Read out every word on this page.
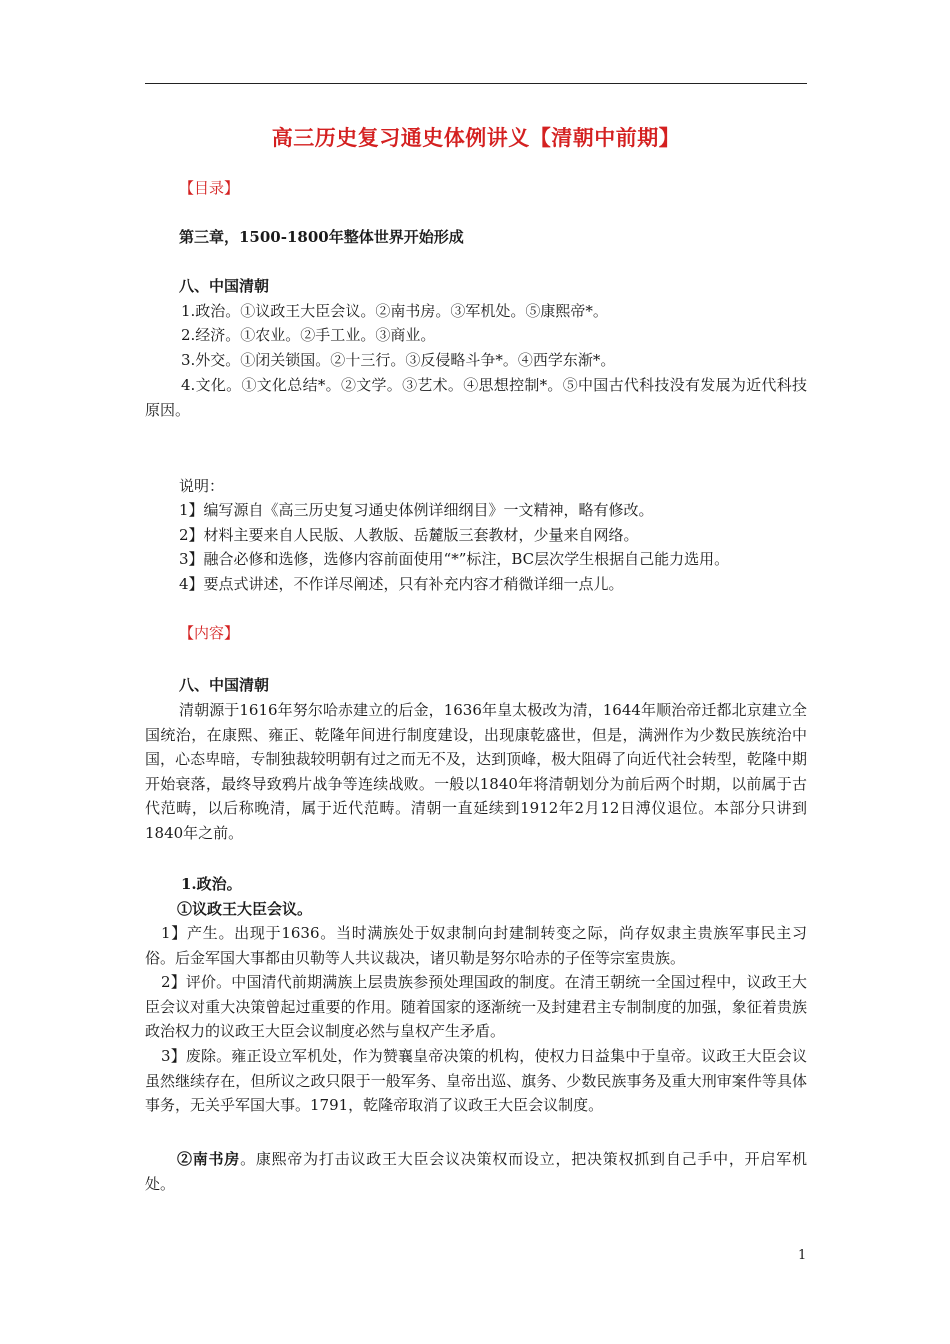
高三历史复习通史体例讲义【清朝中前期】
【目录】
第三章，1500-1800年整体世界开始形成
八、中国清朝
1.政治。①议政王大臣会议。②南书房。③军机处。⑤康熙帝*。
2.经济。①农业。②手工业。③商业。
3.外交。①闭关锁国。②十三行。③反侵略斗争*。④西学东渐*。
4.文化。①文化总结*。②文学。③艺术。④思想控制*。⑤中国古代科技没有发展为近代科技原因。
说明：
1】编写源自《高三历史复习通史体例详细纲目》一文精神，略有修改。
2】材料主要来自人民版、人教版、岳麓版三套教材，少量来自网络。
3】融合必修和选修，选修内容前面使用“*”标注，BC层次学生根据自己能力选用。
4】要点式讲述，不作详尽阐述，只有补充内容才稍微详细一点儿。
【内容】
八、中国清朝
清朝源于1616年努尔哈赤建立的后金，1636年皇太极改为清，1644年顺治帝迁都北京建立全国统治，在康熙、雍正、乾隆年间进行制度建设，出现康乾盛世，但是，满洲作为少数民族统治中国，心态卑暗，专制独裁较明朝有过之而无不及，达到顶峰，极大阻碍了向近代社会转型，乾隆中期开始衰落，最终导致鸦片战争等连续战败。一般以1840年将清朝划分为前后两个时期，以前属于古代范畴，以后称晚清，属于近代范畴。清朝一直延续到1912年2月12日溥仪退位。本部分只讲到1840年之前。
1.政治。
①议政王大臣会议。
1】产生。出现于1636。当时满族处于奴隶制向封建制转变之际，尚存奴隶主贵族军事民主习俗。后金军国大事都由贝勒等人共议裁决，诸贝勒是努尔哈赤的子侄等宗室贵族。
2】评价。中国清代前期满族上层贵族参预处理国政的制度。在清王朝统一全国过程中，议政王大臣会议对重大决策曾起过重要的作用。随着国家的逐渐统一及封建君主专制制度的加强，象征着贵族政治权力的议政王大臣会议制度必然与皇权产生矛盾。
3】废除。雍正设立军机处，作为赞襄皇帝决策的机构，使权力日益集中于皇帝。议政王大臣会议虽然继续存在，但所议之政只限于一般军务、皇帝出巡、旗务、少数民族事务及重大刑审案件等具体事务，无关乎军国大事。1791，乾隆帝取消了议政王大臣会议制度。
②南书房。康熙帝为打击议政王大臣会议决策权而设立，把决策权抓到自己手中，开启军机处。
1
